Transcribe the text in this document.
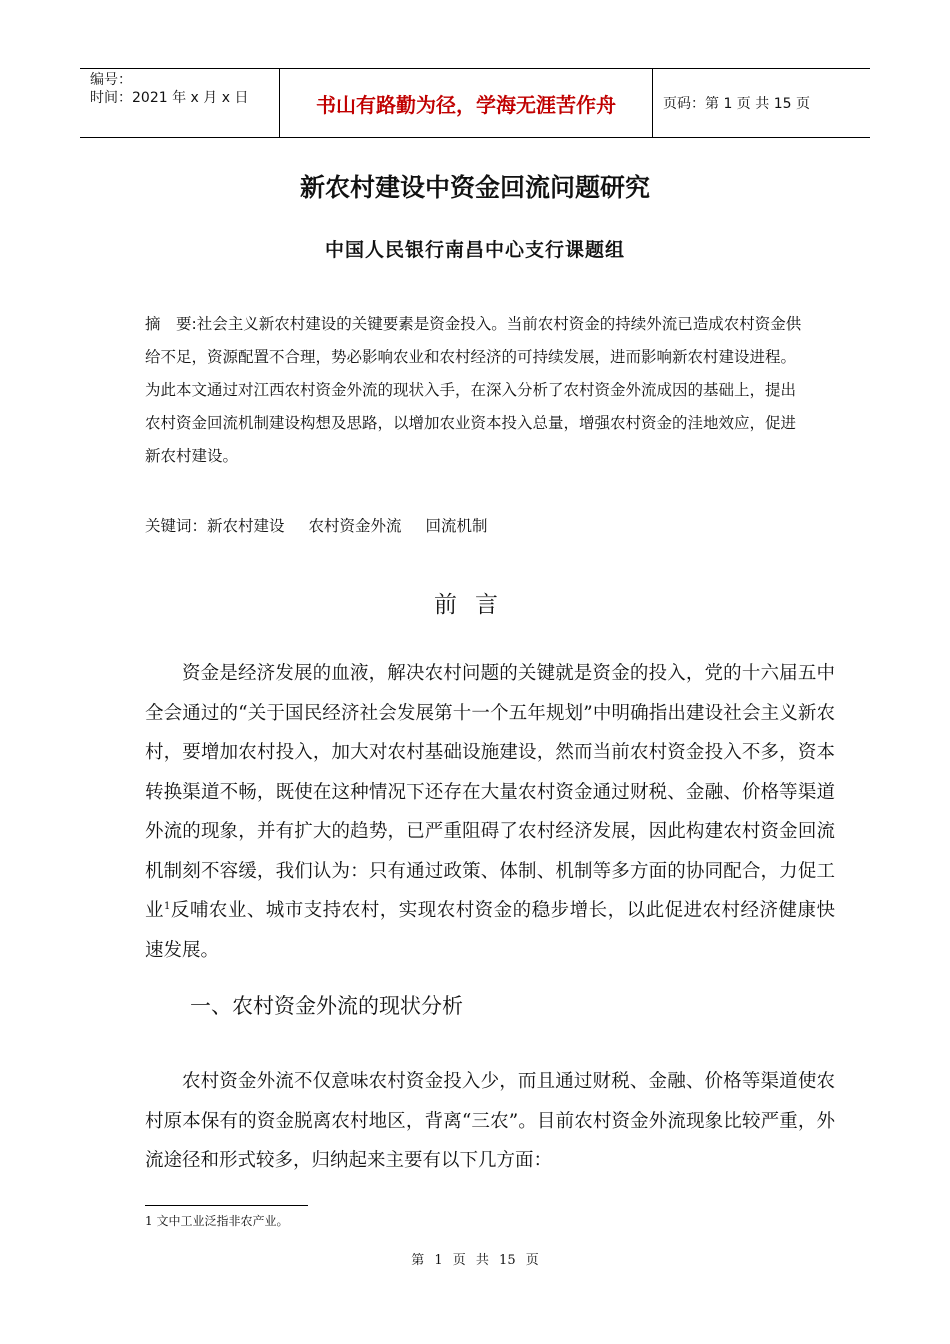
编号：
时间：2021 年 x 月 x 日	书山有路勤为径，学海无涯苦作舟	页码：第 1 页 共 15 页
新农村建设中资金回流问题研究
中国人民银行南昌中心支行课题组
摘　要:社会主义新农村建设的关键要素是资金投入。当前农村资金的持续外流已造成农村资金供给不足，资源配置不合理，势必影响农业和农村经济的可持续发展，进而影响新农村建设进程。为此本文通过对江西农村资金外流的现状入手，在深入分析了农村资金外流成因的基础上，提出农村资金回流机制建设构想及思路，以增加农业资本投入总量，增强农村资金的洼地效应，促进新农村建设。
关键词：新农村建设 农村资金外流 回流机制
前言
资金是经济发展的血液，解决农村问题的关键就是资金的投入，党的十六届五中全会通过的“关于国民经济社会发展第十一个五年规划”中明确指出建设社会主义新农村，要增加农村投入，加大对农村基础设施建设，然而当前农村资金投入不多，资本转换渠道不畅，既使在这种情况下还存在大量农村资金通过财税、金融、价格等渠道外流的现象，并有扩大的趋势，已严重阻碍了农村经济发展，因此构建农村资金回流机制刻不容缓，我们认为：只有通过政策、体制、机制等多方面的协同配合，力促工业$^1$反哺农业、城市支持农村，实现农村资金的稳步增长，以此促进农村经济健康快速发展。
一、农村资金外流的现状分析
农村资金外流不仅意味农村资金投入少，而且通过财税、金融、价格等渠道使农村原本保有的资金脱离农村地区，背离“三农”。目前农村资金外流现象比较严重，外流途径和形式较多，归纳起来主要有以下几方面：
1 文中工业泛指非农产业。
第 1 页 共 15 页
